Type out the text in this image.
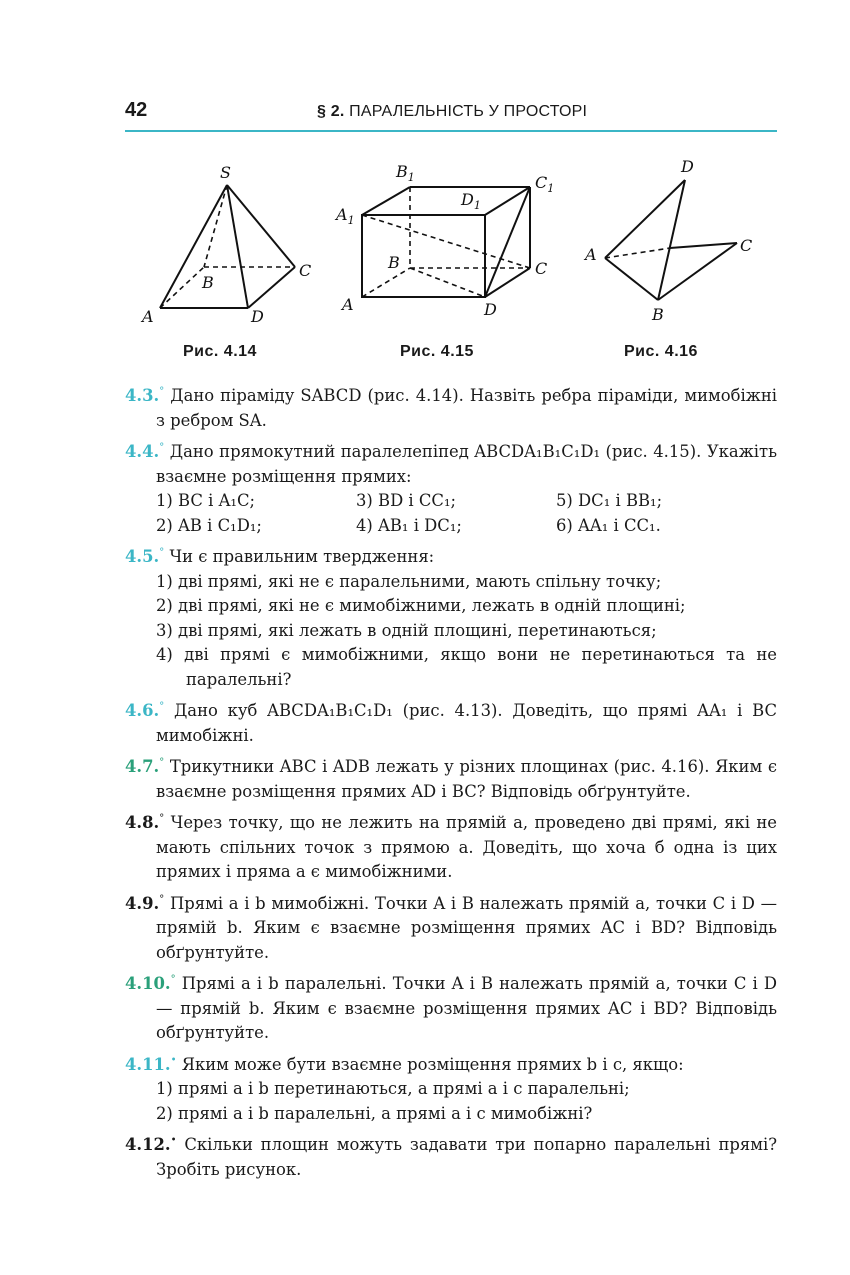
42	§ 2. ПАРАЛЕЛЬНІСТЬ У ПРОСТОРІ
S
B
C
A	D
$B_1$	$C_1$
$D_1$
$A_1$
B	C
A	D
D
A	C
B
Рис. 4.14	Рис. 4.15	Рис. 4.16
4.3.° Дано піраміду SABCD (рис. 4.14). Назвіть ребра піраміди, мимобіжні з ребром SA.
4.4.° Дано прямокутний паралелепіпед ABCDA₁B₁C₁D₁ (рис. 4.15). Укажіть взаємне розміщення прямих:
1) BC і A₁C;	3) BD і CC₁;	5) DC₁ і BB₁;
2) AB і C₁D₁;	4) AB₁ і DC₁;	6) AA₁ і CC₁.
4.5.° Чи є правильним твердження:
1) дві прямі, які не є паралельними, мають спільну точку;
2) дві прямі, які не є мимобіжними, лежать в одній площині;
3) дві прямі, які лежать в одній площині, перетинаються;
4) дві прямі є мимобіжними, якщо вони не перетинаються та не паралельні?
4.6.° Дано куб ABCDA₁B₁C₁D₁ (рис. 4.13). Доведіть, що прямі AA₁ і BC мимобіжні.
4.7.° Трикутники ABC і ADB лежать у різних площинах (рис. 4.16). Яким є взаємне розміщення прямих AD і BC? Відповідь обґрунтуйте.
4.8.° Через точку, що не лежить на прямій a, проведено дві прямі, які не мають спільних точок з прямою a. Доведіть, що хоча б одна із цих прямих і пряма a є мимобіжними.
4.9.° Прямі a і b мимобіжні. Точки A і B належать прямій a, точки C і D — прямій b. Яким є взаємне розміщення прямих AC і BD? Відповідь обґрунтуйте.
4.10.° Прямі a і b паралельні. Точки A і B належать прямій a, точки C і D — прямій b. Яким є взаємне розміщення прямих AC і BD? Відповідь обґрунтуйте.
4.11.• Яким може бути взаємне розміщення прямих b і c, якщо:
1) прямі a і b перетинаються, а прямі a і c паралельні;
2) прямі a і b паралельні, а прямі a і c мимобіжні?
4.12.• Скільки площин можуть задавати три попарно паралельні прямі? Зробіть рисунок.
